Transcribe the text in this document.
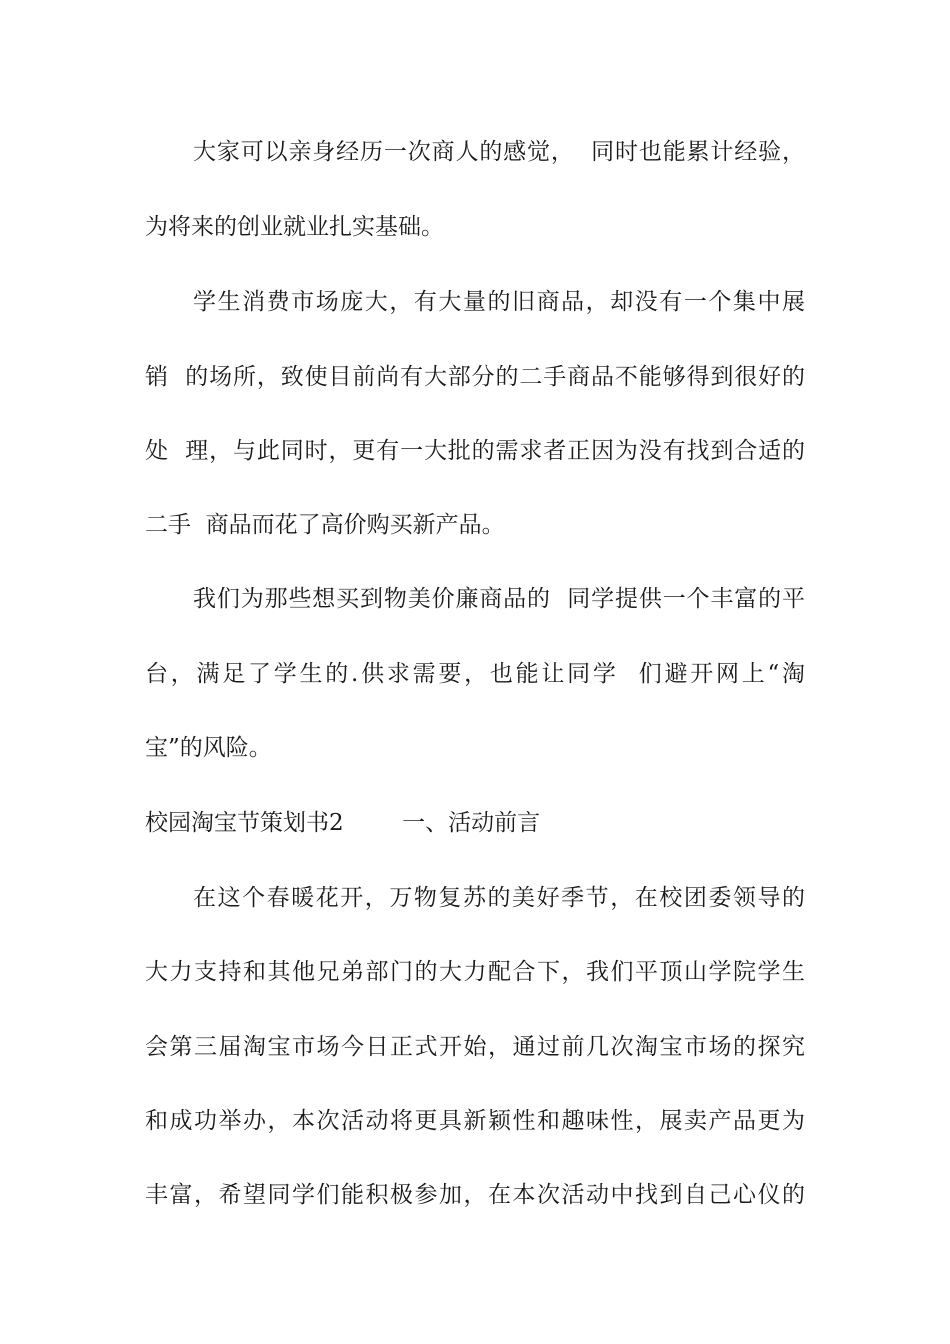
大家可以亲身经历一次商人的感觉，  同时也能累计经验，
为将来的创业就业扎实基础。
学生消费市场庞大，有大量的旧商品，却没有一个集中展
销  的场所，致使目前尚有大部分的二手商品不能够得到很好的
处  理，与此同时，更有一大批的需求者正因为没有找到合适的
二手  商品而花了高价购买新产品。
我们为那些想买到物美价廉商品的  同学提供一个丰富的平
台，满足了学生的.供求需要，也能让同学  们避开网上“淘
宝”的风险。
校园淘宝节策划书2        一、活动前言
在这个春暖花开，万物复苏的美好季节，在校团委领导的
大力支持和其他兄弟部门的大力配合下，我们平顶山学院学生
会第三届淘宝市场今日正式开始，通过前几次淘宝市场的探究
和成功举办，本次活动将更具新颖性和趣味性，展卖产品更为
丰富，希望同学们能积极参加，在本次活动中找到自己心仪的
